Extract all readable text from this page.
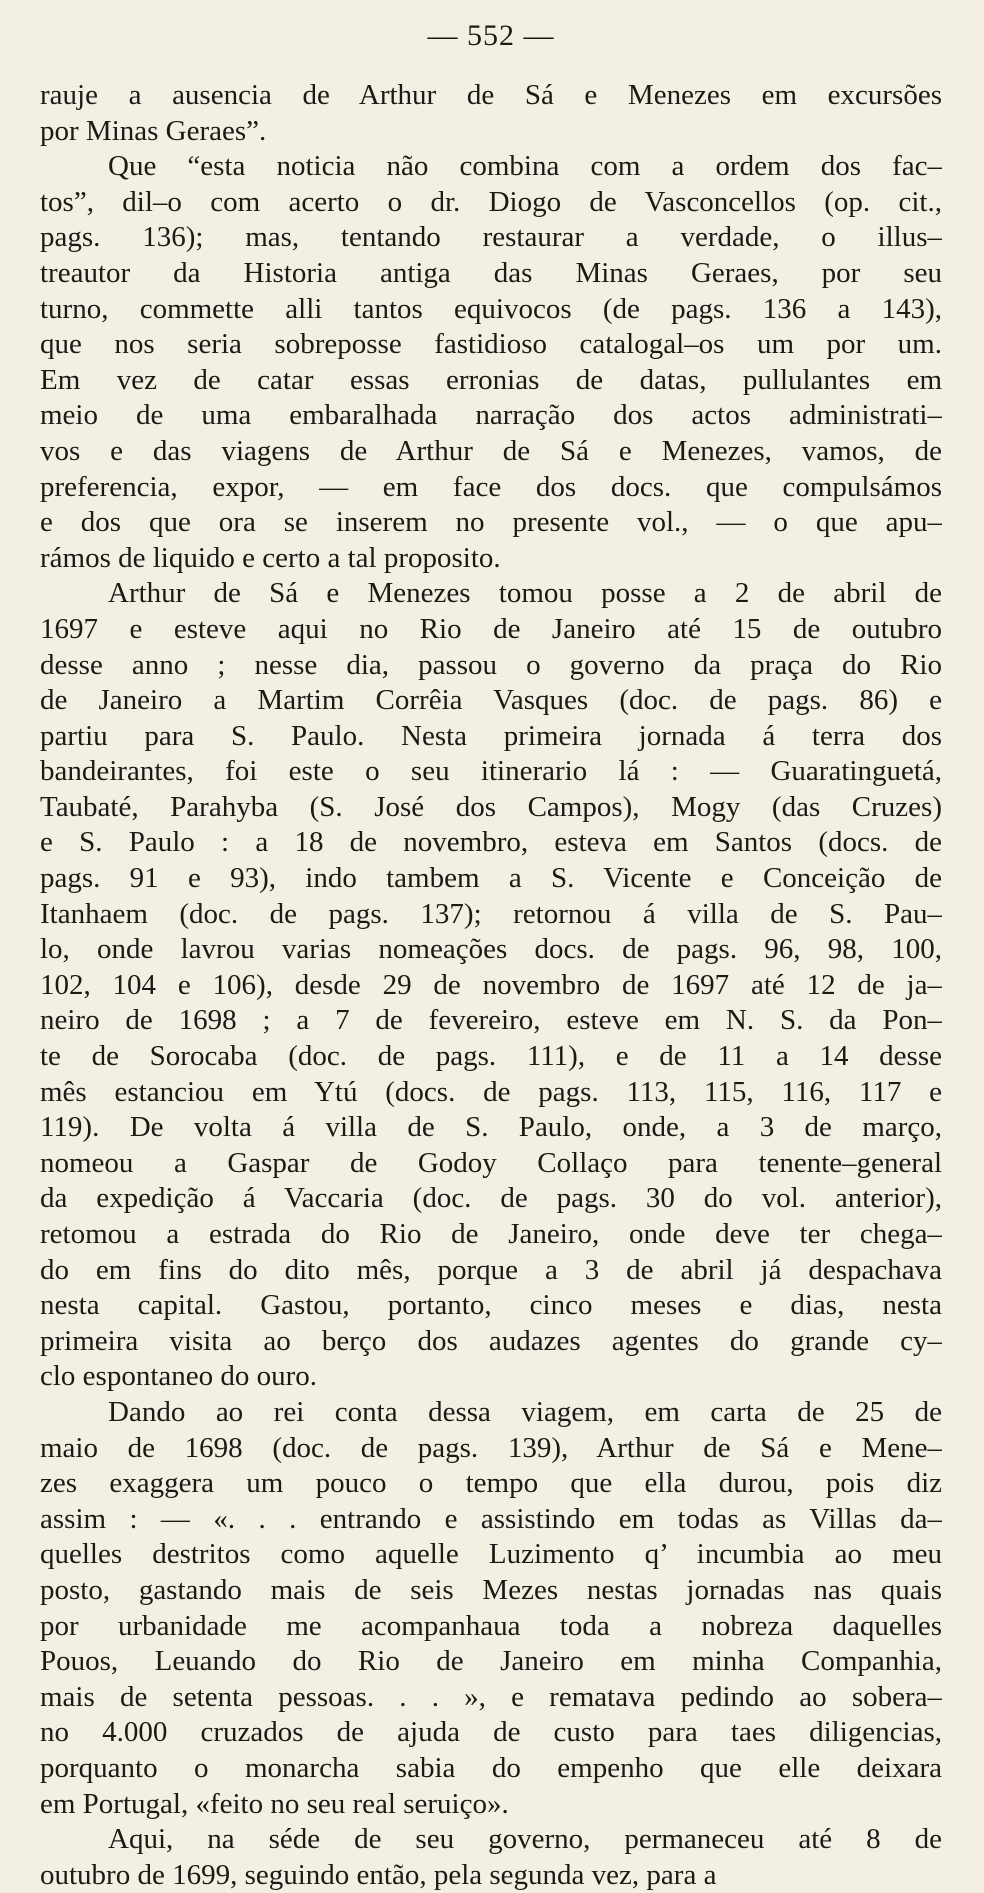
— 552 —

rauje a ausencia de Arthur de Sá e Menezes em excursões
por Minas Geraes”.

Que “esta noticia não combina com a ordem dos fac–
tos”, dil–o com acerto o dr. Diogo de Vasconcellos (op. cit.,
pags. 136); mas, tentando restaurar a verdade, o illus–
treautor da Historia antiga das Minas Geraes, por seu
turno, commette alli tantos equivocos (de pags. 136 a 143),
que nos seria sobreposse fastidioso catalogal–os um por um.
Em vez de catar essas erronias de datas, pullulantes em
meio de uma embaralhada narração dos actos administrati–
vos e das viagens de Arthur de Sá e Menezes, vamos, de
preferencia, expor, — em face dos docs. que compulsámos
e dos que ora se inserem no presente vol., — o que apu–
rámos de liquido e certo a tal proposito.

Arthur de Sá e Menezes tomou posse a 2 de abril de
1697 e esteve aqui no Rio de Janeiro até 15 de outubro
desse anno ; nesse dia, passou o governo da praça do Rio
de Janeiro a Martim Corrêia Vasques (doc. de pags. 86) e
partiu para S. Paulo. Nesta primeira jornada á terra dos
bandeirantes, foi este o seu itinerario lá : — Guaratinguetá,
Taubaté, Parahyba (S. José dos Campos), Mogy (das Cruzes)
e S. Paulo : a 18 de novembro, esteva em Santos (docs. de
pags. 91 e 93), indo tambem a S. Vicente e Conceição de
Itanhaem (doc. de pags. 137); retornou á villa de S. Pau–
lo, onde lavrou varias nomeações docs. de pags. 96, 98, 100,
102, 104 e 106), desde 29 de novembro de 1697 até 12 de ja–
neiro de 1698 ; a 7 de fevereiro, esteve em N. S. da Pon–
te de Sorocaba (doc. de pags. 111), e de 11 a 14 desse
mês estanciou em Ytú (docs. de pags. 113, 115, 116, 117 e
119). De volta á villa de S. Paulo, onde, a 3 de março,
nomeou a Gaspar de Godoy Collaço para tenente–general
da expedição á Vaccaria (doc. de pags. 30 do vol. anterior),
retomou a estrada do Rio de Janeiro, onde deve ter chega–
do em fins do dito mês, porque a 3 de abril já despachava
nesta capital. Gastou, portanto, cinco meses e dias, nesta
primeira visita ao berço dos audazes agentes do grande cy–
clo espontaneo do ouro.

Dando ao rei conta dessa viagem, em carta de 25 de
maio de 1698 (doc. de pags. 139), Arthur de Sá e Mene–
zes exaggera um pouco o tempo que ella durou, pois diz
assim : — «. . . entrando e assistindo em todas as Villas da–
quelles destritos como aquelle Luzimento q’ incumbia ao meu
posto, gastando mais de seis Mezes nestas jornadas nas quais
por urbanidade me acompanhaua toda a nobreza daquelles
Pouos, Leuando do Rio de Janeiro em minha Companhia,
mais de setenta pessoas. . . », e rematava pedindo ao sobera–
no 4.000 cruzados de ajuda de custo para taes diligencias,
porquanto o monarcha sabia do empenho que elle deixara
em Portugal, «feito no seu real seruiço».

Aqui, na séde de seu governo, permaneceu até 8 de
outubro de 1699, seguindo então, pela segunda vez, para a
